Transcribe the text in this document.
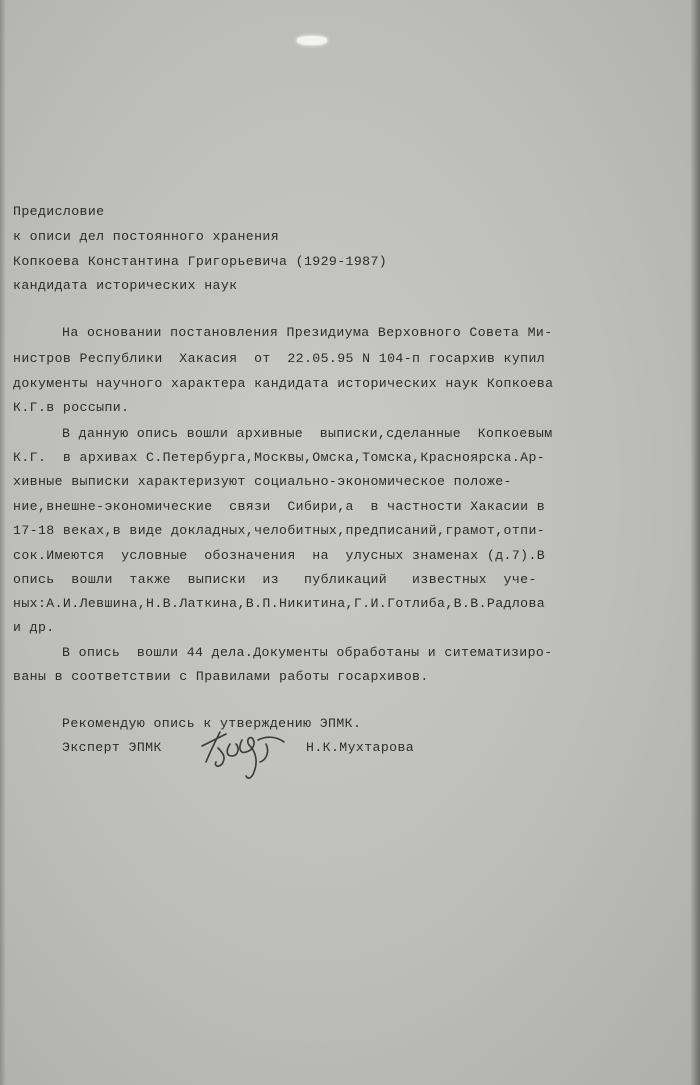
Предисловие
к описи дел постоянного хранения
Копкоева Константина Григорьевича (1929-1987)
кандидата исторических наук
На основании постановления Президиума Верховного Совета Ми-
нистров Республики  Хакасия  от  22.05.95 N 104-п госархив купил
документы научного характера кандидата исторических наук Копкоева
К.Г.в россыпи.
В данную опись вошли архивные  выписки,сделанные  Копкоевым
К.Г.  в архивах С.Петербурга,Москвы,Омска,Томска,Красноярска.Ар-
хивные выписки характеризуют социально-экономическое положе-
ние,внешне-экономические  связи  Сибири,а  в частности Хакасии в
17-18 веках,в виде докладных,челобитных,предписаний,грамот,отпи-
сок.Имеются  условные  обозначения  на  улусных знаменах (д.7).В
опись  вошли  также  выписки  из   публикаций   известных  уче-
ных:А.И.Левшина,Н.В.Латкина,В.П.Никитина,Г.И.Готлиба,В.В.Радлова
и др.
В опись  вошли 44 дела.Документы обработаны и ситематизиро-
ваны в соответствии с Правилами работы госархивов.
Рекомендую опись к утверждению ЭПМК.
Эксперт ЭПМК	Н.К.Мухтарова
